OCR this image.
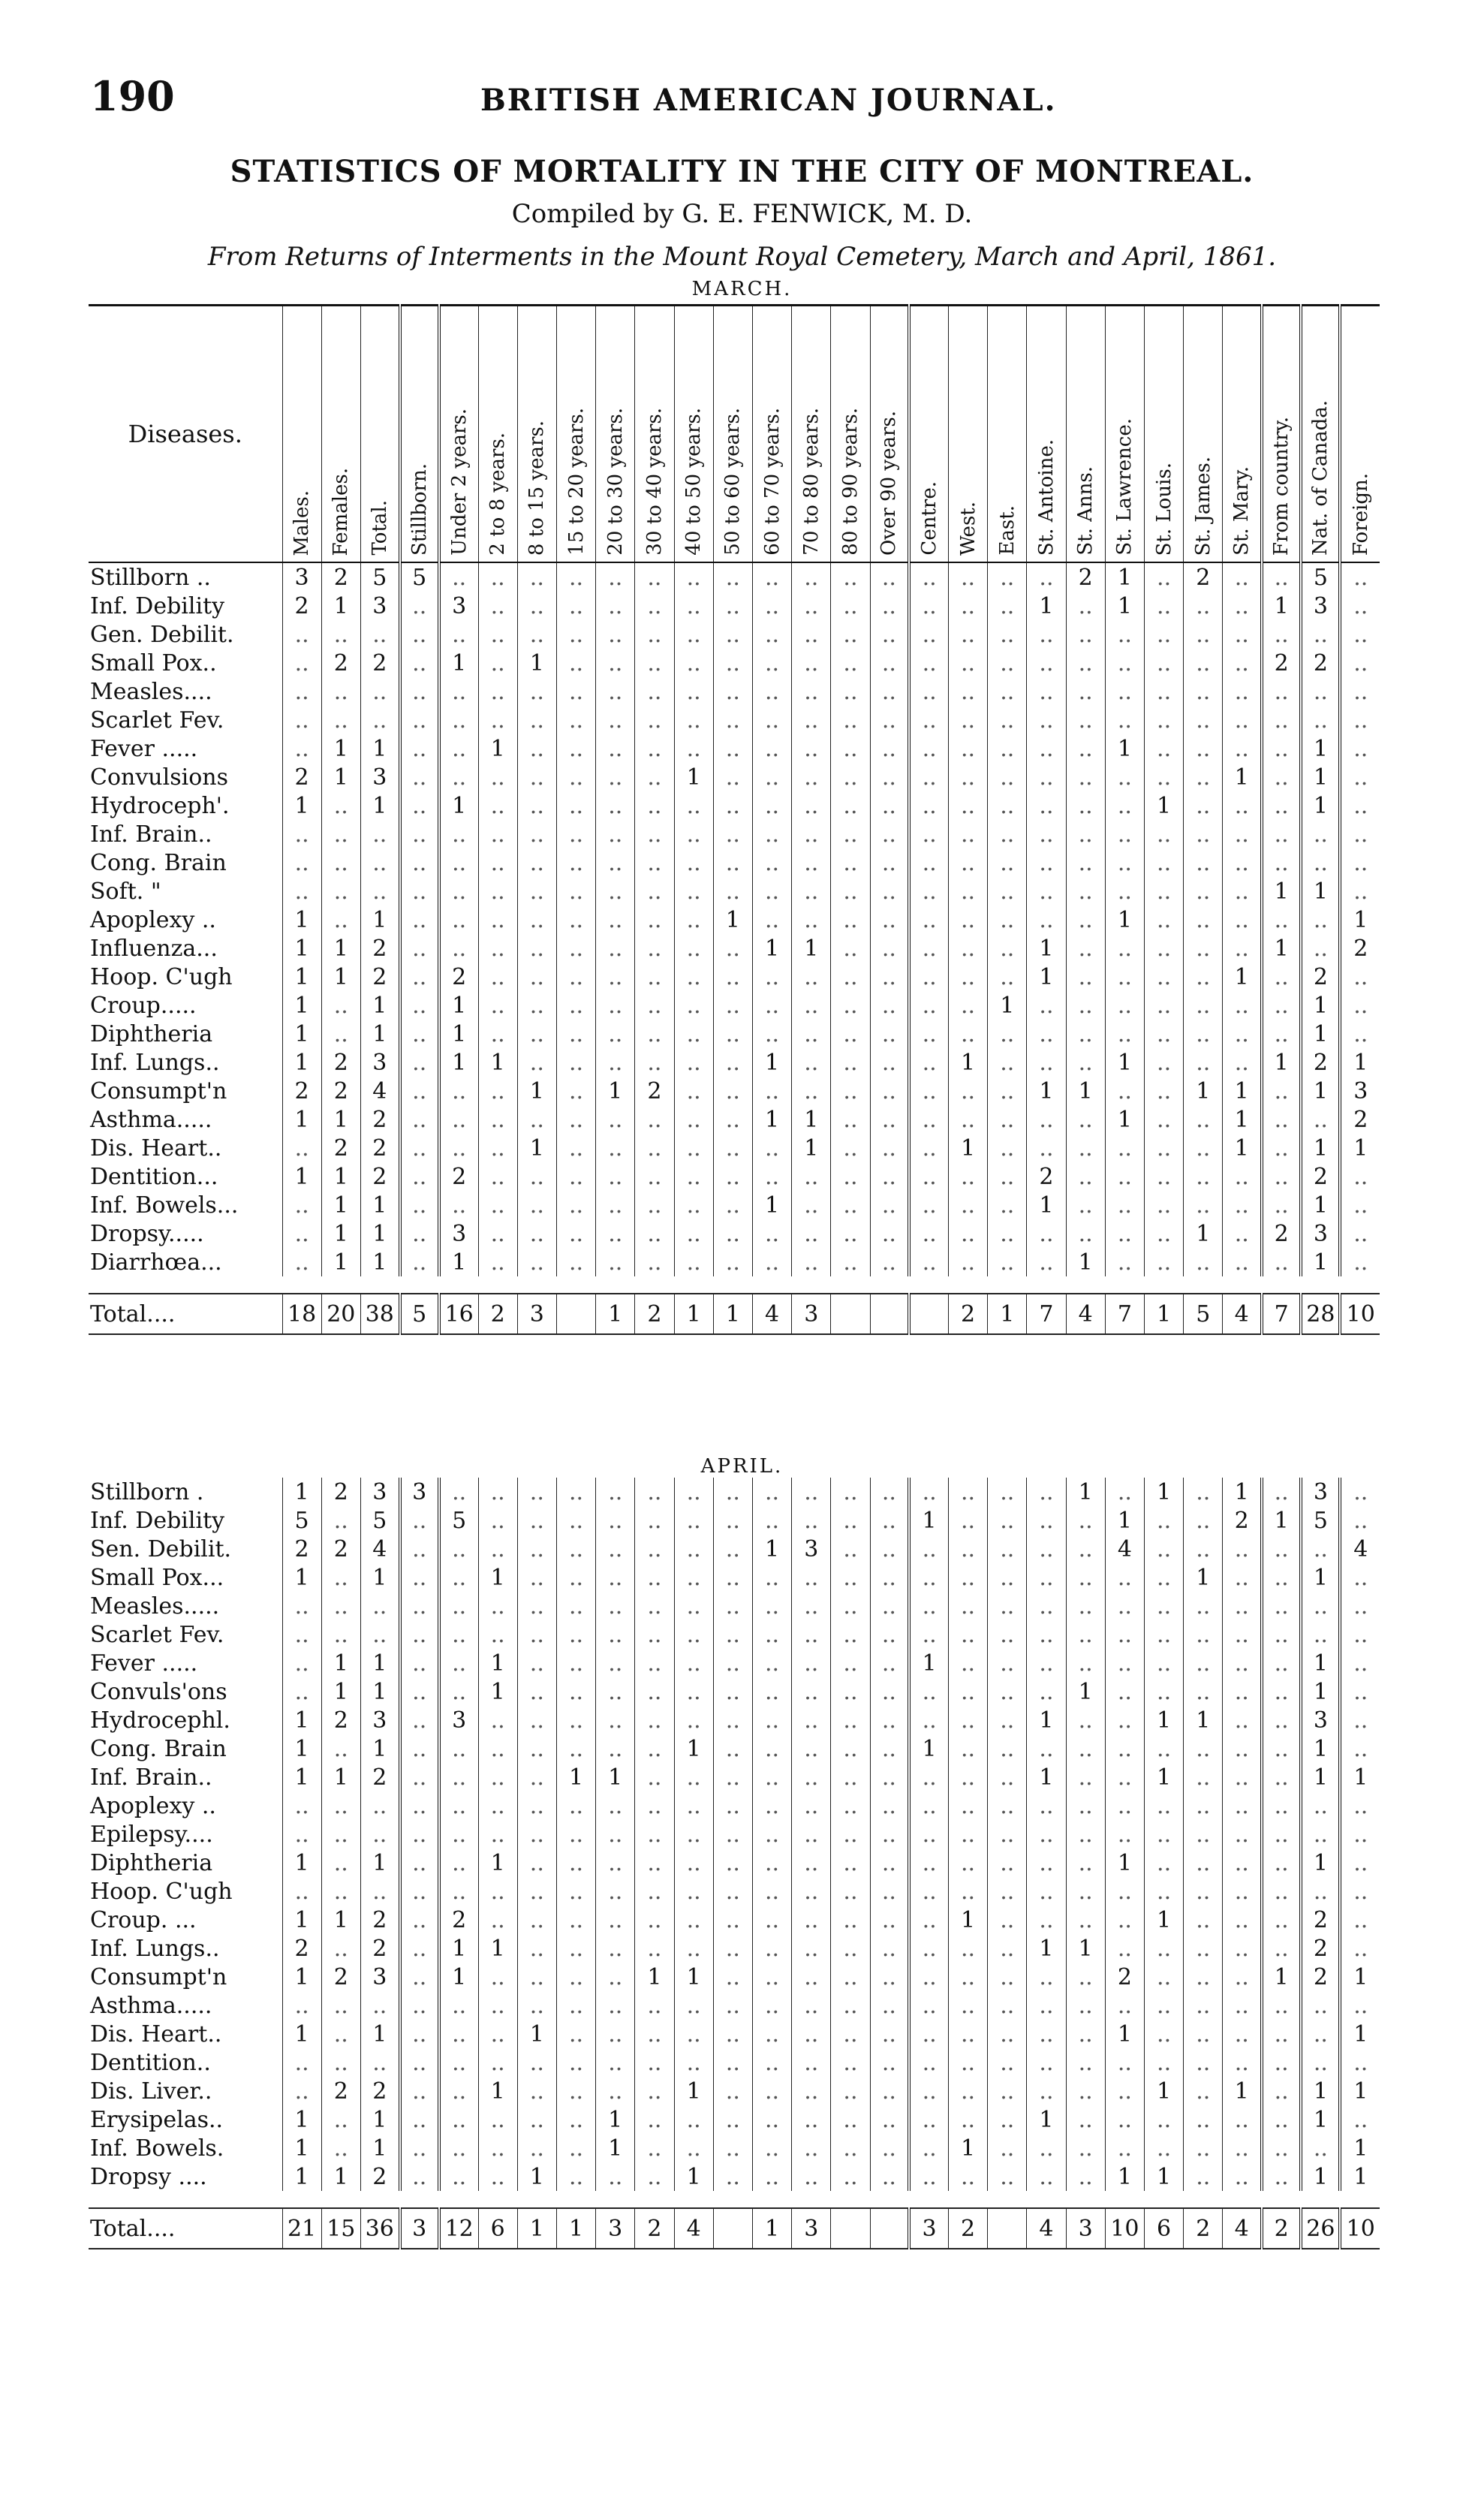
190	BRITISH AMERICAN JOURNAL.
STATISTICS OF MORTALITY IN THE CITY OF MONTREAL.
Compiled by G. E. FENWICK, M. D.
From Returns of Interments in the Mount Royal Cemetery, March and April, 1861.
MARCH.
Diseases.	Males.	Females.	Total.	Stillborn.	Under 2 years.	2 to 8 years.	8 to 15 years.	15 to 20 years.	20 to 30 years.	30 to 40 years.	40 to 50 years.	50 to 60 years.	60 to 70 years.	70 to 80 years.	80 to 90 years.	Over 90 years.	Centre.	West.	East.	St. Antoine.	St. Anns.	St. Lawrence.	St. Louis.	St. James.	St. Mary.	From country.	Nat. of Canada.	Foreign.
Stillborn ..	3	2	5	5	..	..	..	..	..	..	..	..	..	..	..	..	..	..	..	..	2	1	..	2	..	..	5	..
Inf. Debility	2	1	3	..	3	..	..	..	..	..	..	..	..	..	..	..	..	..	..	1	..	1	..	..	..	1	3	..
Gen. Debilit.	..	..	..	..	..	..	..	..	..	..	..	..	..	..	..	..	..	..	..	..	..	..	..	..	..	..	..	..
Small Pox..	..	2	2	..	1	..	1	..	..	..	..	..	..	..	..	..	..	..	..	..	..	..	..	..	..	2	2	..
Measles....	..	..	..	..	..	..	..	..	..	..	..	..	..	..	..	..	..	..	..	..	..	..	..	..	..	..	..	..
Scarlet Fev.	..	..	..	..	..	..	..	..	..	..	..	..	..	..	..	..	..	..	..	..	..	..	..	..	..	..	..	..
Fever .....	..	1	1	..	..	1	..	..	..	..	..	..	..	..	..	..	..	..	..	..	..	1	..	..	..	..	1	..
Convulsions	2	1	3	..	..	..	..	..	..	..	1	..	..	..	..	..	..	..	..	..	..	..	..	..	1	..	1	..
Hydroceph'.	1	..	1	..	1	..	..	..	..	..	..	..	..	..	..	..	..	..	..	..	..	..	1	..	..	..	1	..
Inf. Brain..	..	..	..	..	..	..	..	..	..	..	..	..	..	..	..	..	..	..	..	..	..	..	..	..	..	..	..	..
Cong. Brain	..	..	..	..	..	..	..	..	..	..	..	..	..	..	..	..	..	..	..	..	..	..	..	..	..	..	..	..
Soft. "	..	..	..	..	..	..	..	..	..	..	..	..	..	..	..	..	..	..	..	..	..	..	..	..	..	1	1	..
Apoplexy ..	1	..	1	..	..	..	..	..	..	..	..	1	..	..	..	..	..	..	..	..	..	1	..	..	..	..	..	1
Influenza...	1	1	2	..	..	..	..	..	..	..	..	..	1	1	..	..	..	..	..	1	..	..	..	..	..	1	..	2
Hoop. C'ugh	1	1	2	..	2	..	..	..	..	..	..	..	..	..	..	..	..	..	..	1	..	..	..	..	1	..	2	..
Croup.....	1	..	1	..	1	..	..	..	..	..	..	..	..	..	..	..	..	..	1	..	..	..	..	..	..	..	1	..
Diphtheria	1	..	1	..	1	..	..	..	..	..	..	..	..	..	..	..	..	..	..	..	..	..	..	..	..	..	1	..
Inf. Lungs..	1	2	3	..	1	1	..	..	..	..	..	..	1	..	..	..	..	1	..	..	..	1	..	..	..	1	2	1
Consumpt'n	2	2	4	..	..	..	1	..	1	2	..	..	..	..	..	..	..	..	..	1	1	..	..	1	1	..	1	3
Asthma.....	1	1	2	..	..	..	..	..	..	..	..	..	1	1	..	..	..	..	..	..	..	1	..	..	1	..	..	2
Dis. Heart..	..	2	2	..	..	..	1	..	..	..	..	..	..	1	..	..	..	1	..	..	..	..	..	..	1	..	1	1
Dentition...	1	1	2	..	2	..	..	..	..	..	..	..	..	..	..	..	..	..	..	2	..	..	..	..	..	..	2	..
Inf. Bowels...	..	1	1	..	..	..	..	..	..	..	..	..	1	..	..	..	..	..	..	1	..	..	..	..	..	..	1	..
Dropsy.....	..	1	1	..	3	..	..	..	..	..	..	..	..	..	..	..	..	..	..	..	..	..	..	1	..	2	3	..
Diarrhœa...	..	1	1	..	1	..	..	..	..	..	..	..	..	..	..	..	..	..	..	..	1	..	..	..	..	..	1	..

Total....	18	20	38	5	16	2	3		1	2	1	1	4	3				2	1	7	4	7	1	5	4	7	28	10
APRIL.
Stillborn .	1	2	3	3	..	..	..	..	..	..	..	..	..	..	..	..	..	..	..	..	1	..	1	..	1	..	3	..
Inf. Debility	5	..	5	..	5	..	..	..	..	..	..	..	..	..	..	..	1	..	..	..	..	1	..	..	2	1	5	..
Sen. Debilit.	2	2	4	..	..	..	..	..	..	..	..	..	1	3	..	..	..	..	..	..	..	4	..	..	..	..	..	4
Small Pox...	1	..	1	..	..	1	..	..	..	..	..	..	..	..	..	..	..	..	..	..	..	..	..	1	..	..	1	..
Measles.....	..	..	..	..	..	..	..	..	..	..	..	..	..	..	..	..	..	..	..	..	..	..	..	..	..	..	..	..
Scarlet Fev.	..	..	..	..	..	..	..	..	..	..	..	..	..	..	..	..	..	..	..	..	..	..	..	..	..	..	..	..
Fever .....	..	1	1	..	..	1	..	..	..	..	..	..	..	..	..	..	1	..	..	..	..	..	..	..	..	..	1	..
Convuls'ons	..	1	1	..	..	1	..	..	..	..	..	..	..	..	..	..	..	..	..	..	1	..	..	..	..	..	1	..
Hydrocephl.	1	2	3	..	3	..	..	..	..	..	..	..	..	..	..	..	..	..	..	1	..	..	1	1	..	..	3	..
Cong. Brain	1	..	1	..	..	..	..	..	..	..	1	..	..	..	..	..	1	..	..	..	..	..	..	..	..	..	1	..
Inf. Brain..	1	1	2	..	..	..	..	1	1	..	..	..	..	..	..	..	..	..	..	1	..	..	1	..	..	..	1	1
Apoplexy ..	..	..	..	..	..	..	..	..	..	..	..	..	..	..	..	..	..	..	..	..	..	..	..	..	..	..	..	..
Epilepsy....	..	..	..	..	..	..	..	..	..	..	..	..	..	..	..	..	..	..	..	..	..	..	..	..	..	..	..	..
Diphtheria	1	..	1	..	..	1	..	..	..	..	..	..	..	..	..	..	..	..	..	..	..	1	..	..	..	..	1	..
Hoop. C'ugh	..	..	..	..	..	..	..	..	..	..	..	..	..	..	..	..	..	..	..	..	..	..	..	..	..	..	..	..
Croup. ...	1	1	2	..	2	..	..	..	..	..	..	..	..	..	..	..	..	1	..	..	..	..	1	..	..	..	2	..
Inf. Lungs..	2	..	2	..	1	1	..	..	..	..	..	..	..	..	..	..	..	..	..	1	1	..	..	..	..	..	2	..
Consumpt'n	1	2	3	..	1	..	..	..	..	1	1	..	..	..	..	..	..	..	..	..	..	2	..	..	..	1	2	1
Asthma.....	..	..	..	..	..	..	..	..	..	..	..	..	..	..	..	..	..	..	..	..	..	..	..	..	..	..	..	..
Dis. Heart..	1	..	1	..	..	..	1	..	..	..	..	..	..	..	..	..	..	..	..	..	..	1	..	..	..	..	..	1
Dentition..	..	..	..	..	..	..	..	..	..	..	..	..	..	..	..	..	..	..	..	..	..	..	..	..	..	..	..	..
Dis. Liver..	..	2	2	..	..	1	..	..	..	..	1	..	..	..	..	..	..	..	..	..	..	..	1	..	1	..	1	1
Erysipelas..	1	..	1	..	..	..	..	..	1	..	..	..	..	..	..	..	..	..	..	1	..	..	..	..	..	..	1	..
Inf. Bowels.	1	..	1	..	..	..	..	..	1	..	..	..	..	..	..	..	..	1	..	..	..	..	..	..	..	..	..	1
Dropsy ....	1	1	2	..	..	..	1	..	..	..	1	..	..	..	..	..	..	..	..	..	..	1	1	..	..	..	1	1

Total....	21	15	36	3	12	6	1	1	3	2	4		1	3			3	2		4	3	10	6	2	4	2	26	10
